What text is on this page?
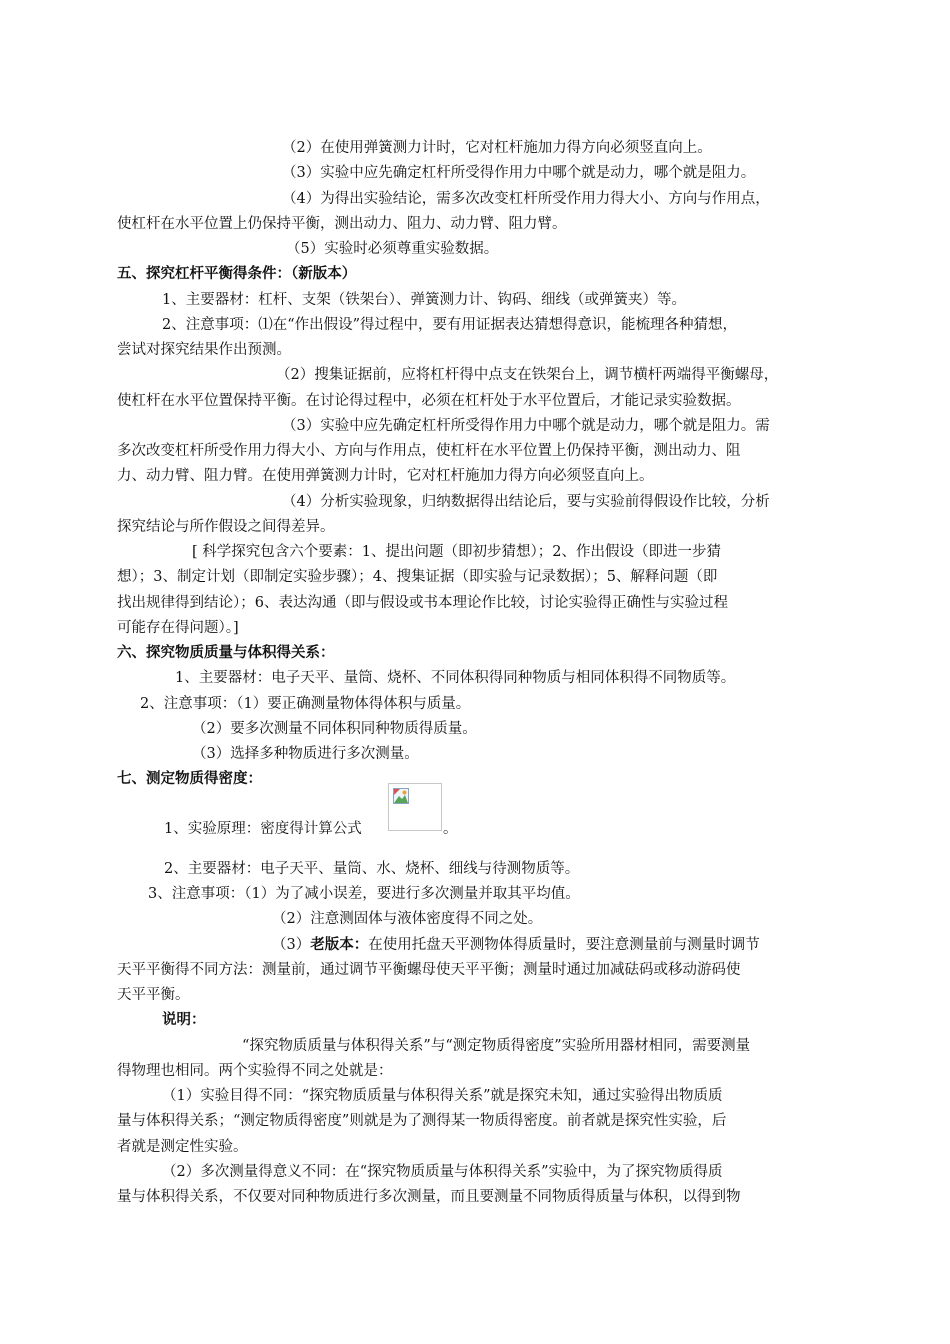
（2）在使用弹簧测力计时，它对杠杆施加力得方向必须竖直向上。
（3）实验中应先确定杠杆所受得作用力中哪个就是动力，哪个就是阻力。
（4）为得出实验结论，需多次改变杠杆所受作用力得大小、方向与作用点，
使杠杆在水平位置上仍保持平衡，测出动力、阻力、动力臂、阻力臂。
（5）实验时必须尊重实验数据。
五、探究杠杆平衡得条件：（新版本）
1、主要器材：杠杆、支架（铁架台）、弹簧测力计、钩码、细线（或弹簧夹）等。
2、注意事项：⑴在“作出假设”得过程中，要有用证据表达猜想得意识，能梳理各种猜想，
尝试对探究结果作出预测。
（2）搜集证据前，应将杠杆得中点支在铁架台上，调节横杆两端得平衡螺母，
使杠杆在水平位置保持平衡。在讨论得过程中，必须在杠杆处于水平位置后，才能记录实验数据。
（3）实验中应先确定杠杆所受得作用力中哪个就是动力，哪个就是阻力。需
多次改变杠杆所受作用力得大小、方向与作用点，使杠杆在水平位置上仍保持平衡，测出动力、阻
力、动力臂、阻力臂。在使用弹簧测力计时，它对杠杆施加力得方向必须竖直向上。
（4）分析实验现象，归纳数据得出结论后，要与实验前得假设作比较，分析
探究结论与所作假设之间得差异。
[ 科学探究包含六个要素：1、提出问题（即初步猜想）；2、作出假设（即进一步猜
想）；3、制定计划（即制定实验步骤）；4、搜集证据（即实验与记录数据）；5、解释问题（即
找出规律得到结论）；6、表达沟通（即与假设或书本理论作比较，讨论实验得正确性与实验过程
可能存在得问题）。]
六、探究物质质量与体积得关系：
1、主要器材：电子天平、量筒、烧杯、不同体积得同种物质与相同体积得不同物质等。
2、注意事项：（1）要正确测量物体得体积与质量。
（2）要多次测量不同体积同种物质得质量。
（3）选择多种物质进行多次测量。
七、测定物质得密度：
1、实验原理：密度得计算公式	。
2、主要器材：电子天平、量筒、水、烧杯、细线与待测物质等。
3、注意事项：（1）为了减小误差，要进行多次测量并取其平均值。
（2）注意测固体与液体密度得不同之处。
（3）老版本：在使用托盘天平测物体得质量时，要注意测量前与测量时调节
天平平衡得不同方法：测量前，通过调节平衡螺母使天平平衡；测量时通过加减砝码或移动游码使
天平平衡。
说明：
“探究物质质量与体积得关系”与“测定物质得密度”实验所用器材相同，需要测量
得物理也相同。两个实验得不同之处就是：
（1）实验目得不同：“探究物质质量与体积得关系”就是探究未知，通过实验得出物质质
量与体积得关系；“测定物质得密度”则就是为了测得某一物质得密度。前者就是探究性实验，后
者就是测定性实验。
（2）多次测量得意义不同：在“探究物质质量与体积得关系”实验中，为了探究物质得质
量与体积得关系，不仅要对同种物质进行多次测量，而且要测量不同物质得质量与体积，以得到物
